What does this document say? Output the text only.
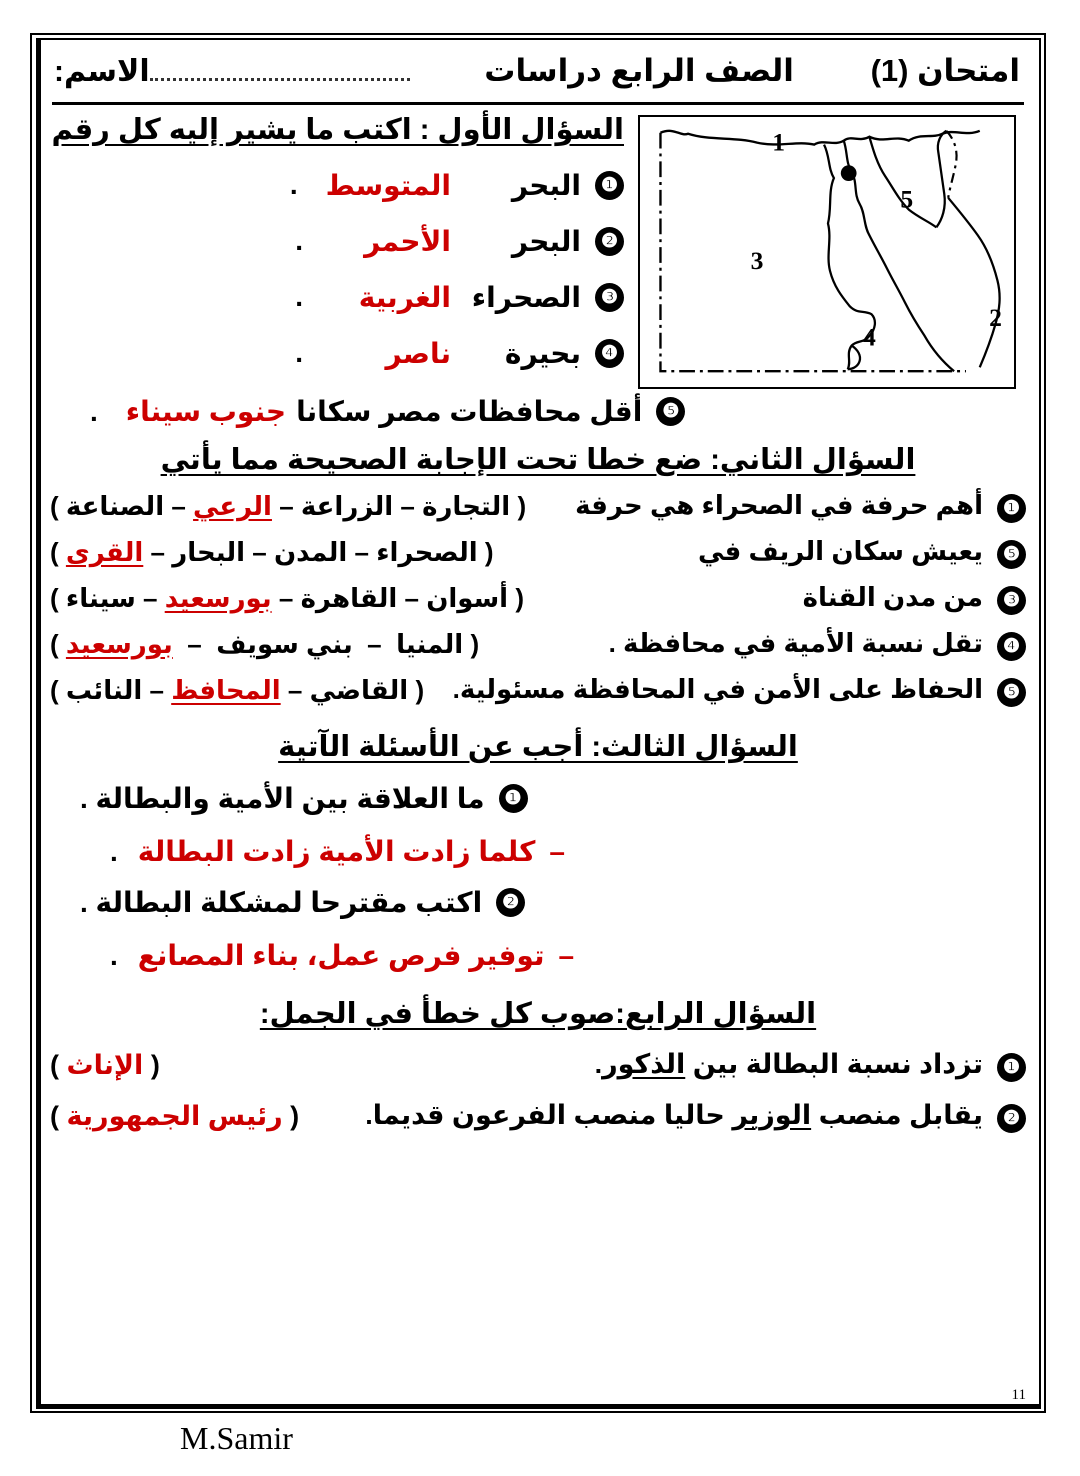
امتحان (1)
الصف الرابع دراسات
الاسم:
1
2
3
4
5
السؤال الأول : اكتب ما يشير إليه كل رقم
❶
البحر
المتوسط
.
❷
البحر
الأحمر
.
❸
الصحراء
الغربية
.
❹
بحيرة
ناصر
.
❺
أقل محافظات مصر سكانا
جنوب سيناء
.
السؤال الثاني: ضع خطا تحت الإجابة الصحيحة مما يأتي
❶أهم حرفة في الصحراء هي حرفة
( التجارة – الزراعة – الرعي – الصناعة )
❺يعيش سكان الريف في
( الصحراء – المدن – البحار – القرى )
❸من مدن القناة
( أسوان – القاهرة – بورسعيد – سيناء )
❹تقل نسبة الأمية في محافظة .
( المنيا  –  بني سويف  –  بورسعيد )
❺الحفاظ على الأمن في المحافظة مسئولية.
( القاضي – المحافظ – النائب )
السؤال الثالث: أجب عن الأسئلة الآتية
❶
ما العلاقة بين الأمية والبطالة .
–
كلما زادت الأمية زادت البطالة
.
❷
اكتب مقترحا لمشكلة البطالة .
–
توفير فرص عمل، بناء المصانع
.
السؤال الرابع:صوب كل خطأ في الجمل:
❶تزداد نسبة البطالة بين الذكور.
( الإناث )
❷يقابل منصب الوزير حاليا منصب الفرعون قديما.
( رئيس الجمهورية )
11
M.Samir
